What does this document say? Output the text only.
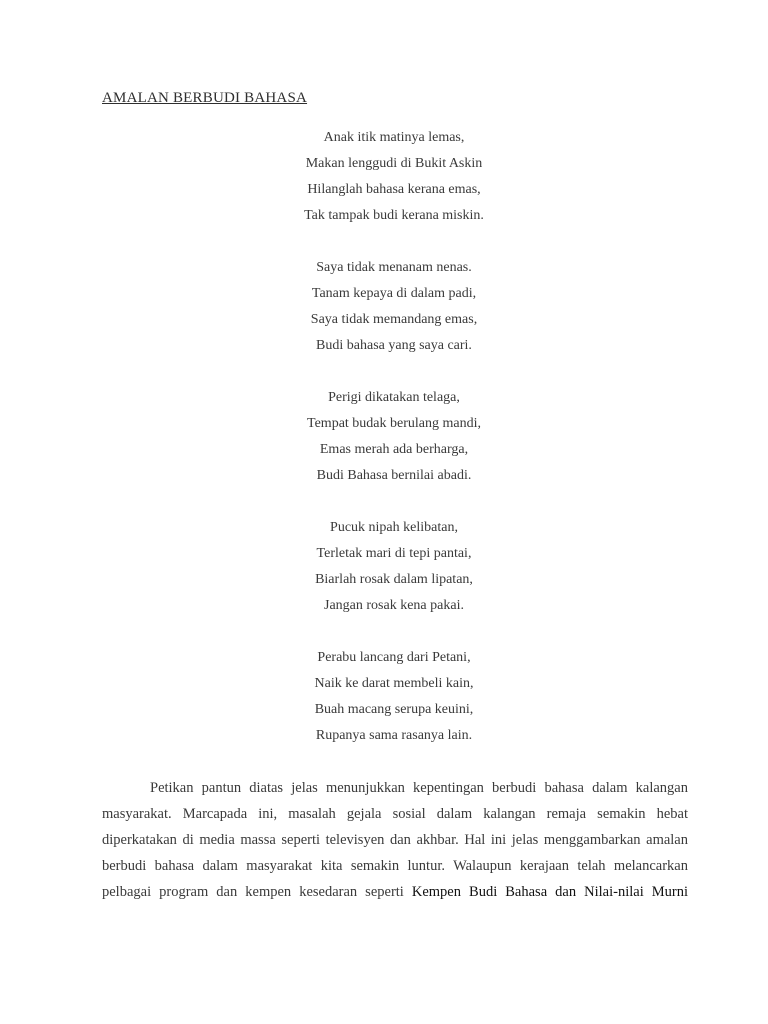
AMALAN BERBUDI BAHASA
Anak itik matinya lemas,
Makan lenggudi di Bukit Askin
Hilanglah bahasa kerana emas,
Tak tampak budi kerana miskin.
Saya tidak menanam nenas.
Tanam kepaya di dalam padi,
Saya tidak memandang emas,
Budi bahasa yang saya cari.
Perigi dikatakan telaga,
Tempat budak berulang mandi,
Emas merah ada berharga,
Budi Bahasa bernilai abadi.
Pucuk nipah kelibatan,
Terletak mari di tepi pantai,
Biarlah rosak dalam lipatan,
Jangan rosak kena pakai.
Perabu lancang dari Petani,
Naik ke darat membeli kain,
Buah macang serupa keuini,
Rupanya sama rasanya lain.
Petikan pantun diatas jelas menunjukkan kepentingan berbudi bahasa dalam kalangan
masyarakat. Marcapada ini, masalah gejala sosial dalam kalangan remaja semakin hebat
diperkatakan di media massa seperti televisyen dan akhbar. Hal ini jelas menggambarkan amalan
berbudi bahasa dalam masyarakat kita semakin luntur. Walaupun kerajaan telah melancarkan
pelbagai program dan kempen kesedaran seperti Kempen Budi Bahasa dan Nilai-nilai Murni
